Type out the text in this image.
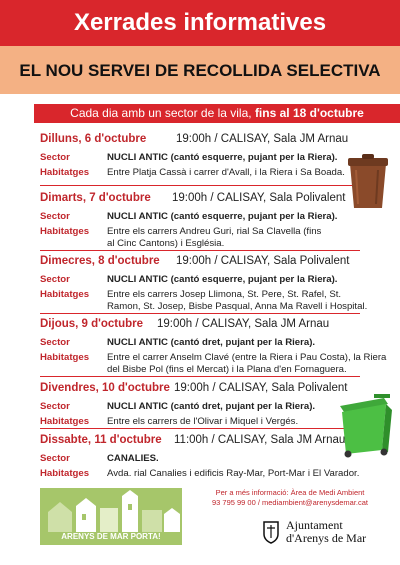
Xerrades informatives
EL NOU SERVEI DE RECOLLIDA SELECTIVA
Cada dia amb un sector de la vila, fins al 18 d'octubre
Dilluns, 6 d'octubre	19:00h / CALISAY, Sala JM Arnau
Sector	NUCLI ANTIC (cantó esquerre, pujant per la Riera).
Habitatges	Entre Platja Cassà i carrer d'Avall, i la Riera i Sa Boada.
Dimarts, 7 d'octubre 19:00h / CALISAY, Sala Polivalent
Sector	NUCLI ANTIC (cantó esquerre, pujant per la Riera).
Habitatges	Entre els carrers Andreu Guri, rial Sa Clavella (fins al Cinc Cantons) i Església.
Dimecres, 8 d'octubre 19:00h / CALISAY, Sala Polivalent
Sector	NUCLI ANTIC (cantó esquerre, pujant per la Riera).
Habitatges	Entre els carrers Josep Llimona, St. Pere, St. Rafel, St. Ramon, St. Josep, Bisbe Pasqual, Anna Ma Ravell i Hospital.
Dijous, 9 d'octubre 19:00h / CALISAY, Sala JM Arnau
Sector	NUCLI ANTIC (cantó dret, pujant per la Riera).
Habitatges	Entre el carrer Anselm Clavé (entre la Riera i Pau Costa), la Riera del Bisbe Pol (fins el Mercat) i la Plana d'en Fornaguera.
Divendres, 10 d'octubre 19:00h / CALISAY, Sala Polivalent
Sector	NUCLI ANTIC (cantó dret, pujant per la Riera).
Habitatges	Entre els carrers de l'Olivar i Miquel i Vergés.
Dissabte, 11 d'octubre 11:00h / CALISAY, Sala JM Arnau
Sector	CANALIES.
Habitatges	Avda. rial Canalies i edificis Ray-Mar, Port-Mar i El Varador.
ARENYS DE MAR PORTA!
Per a més informació: Àrea de Medi Ambient
93 795 99 00 / mediambient@arenysdemar.cat
Ajuntament
d'Arenys de Mar
